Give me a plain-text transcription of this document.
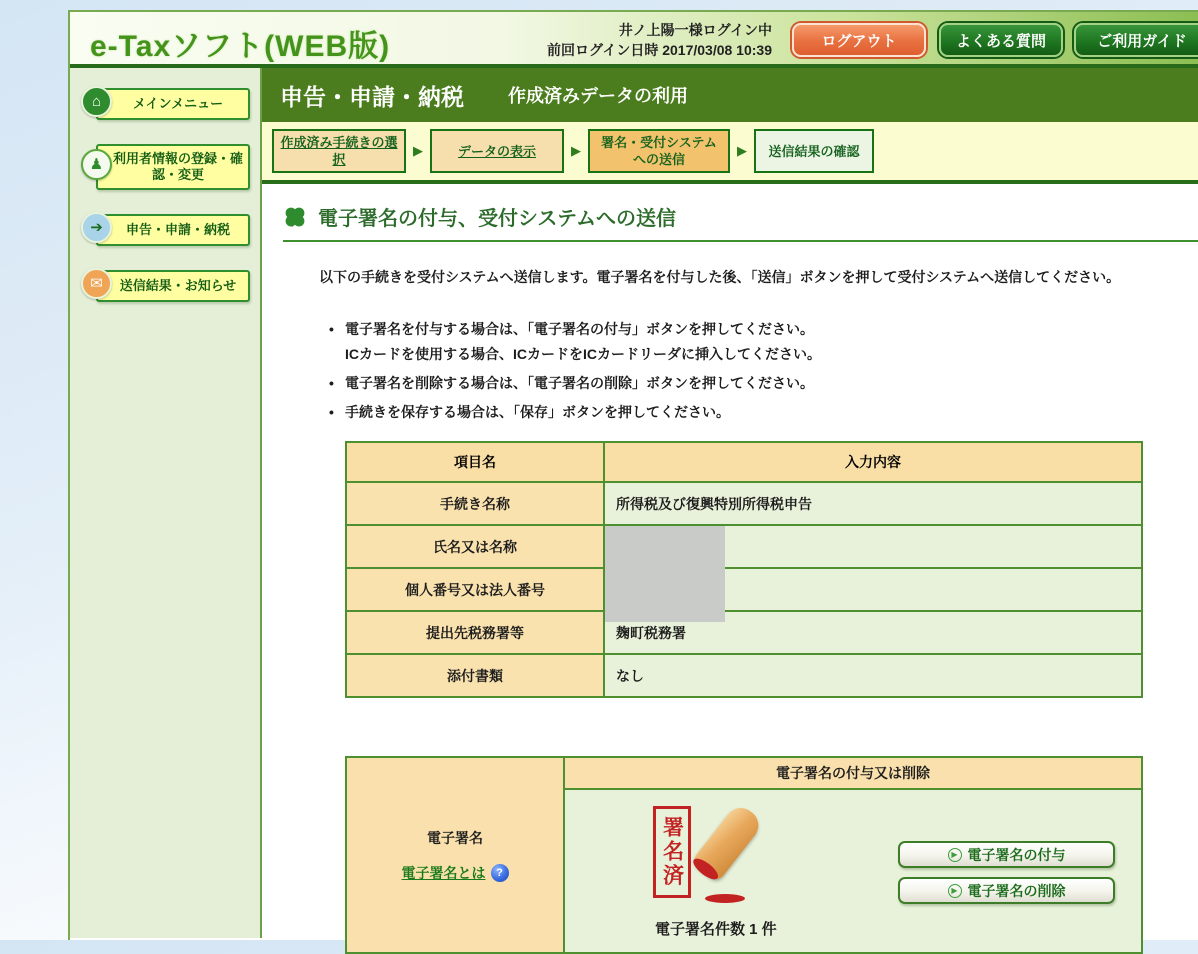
e-Taxソフト(WEB版)	井ノ上陽一様ログイン中
前回ログイン日時 2017/03/08 10:39
ログアウト	よくある質問	ご利用ガイド
⌂	メインメニュー
♟ 利用者情報の登録・確認・変更
➔	申告・申請・納税
✉	送信結果・お知らせ
申告・申請・納税 作成済みデータの利用
作成済み手続きの選択
▶	データの表示	▶
署名・受付システムへの送信
▶	送信結果の確認
電子署名の付与、受付システムへの送信
以下の手続きを受付システムへ送信します。電子署名を付与した後、「送信」ボタンを押して受付システムへ送信してください。
• 電子署名を付与する場合は、「電子署名の付与」ボタンを押してください。
ICカードを使用する場合、ICカードをICカードリーダに挿入してください。
• 電子署名を削除する場合は、「電子署名の削除」ボタンを押してください。
• 手続きを保存する場合は、「保存」ボタンを押してください。
項目名	入力内容
手続き名称	所得税及び復興特別所得税申告
氏名又は名称	
個人番号又は法人番号	
提出先税務署等	麹町税務署
添付書類	なし
電子署名
電子署名とは ?
電子署名の付与又は削除
署名済
電子署名件数 1 件
▶ 電子署名の付与
▶ 電子署名の削除
